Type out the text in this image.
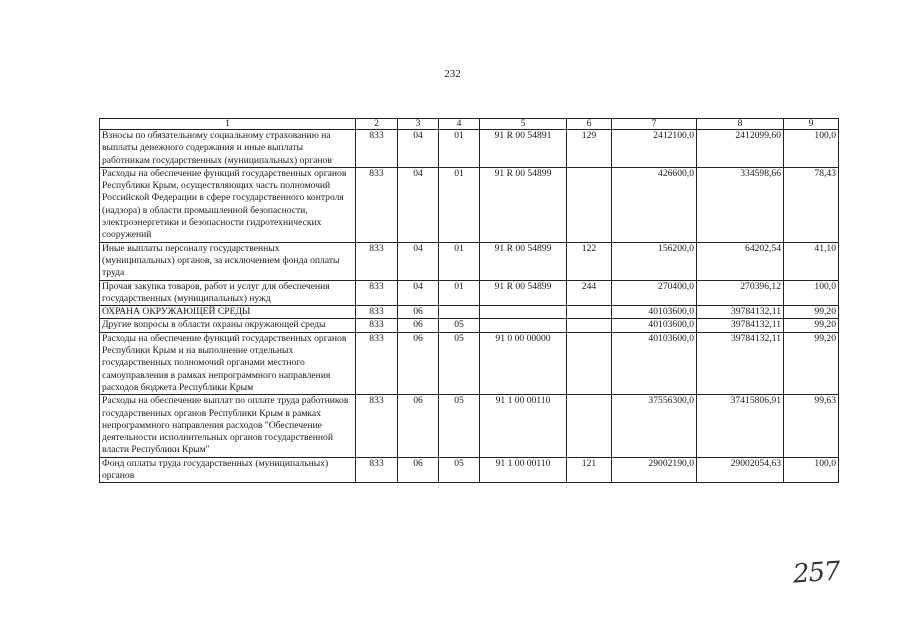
232
1	2	3	4	5	6	7	8	9
Взносы по обязательному социальному страхованию на выплаты денежного содержания и иные выплаты работникам государственных (муниципальных) органов	833	04	01	91 R 00 54891	129	2412100,0	2412099,60	100,0
Расходы на обеспечение функций государственных органов Республики Крым, осуществляющих часть полномочий Российской Федерации в сфере государственного контроля (надзора) в области промышленной безопасности, электроэнергетики и безопасности гидротехнических сооружений	833	04	01	91 R 00 54899		426600,0	334598,66	78,43
Иные выплаты персоналу государственных (муниципальных) органов, за исключением фонда оплаты труда	833	04	01	91 R 00 54899	122	156200,0	64202,54	41,10
Прочая закупка товаров, работ и услуг для обеспечения государственных (муниципальных) нужд	833	04	01	91 R 00 54899	244	270400,0	270396,12	100,0
ОХРАНА ОКРУЖАЮЩЕЙ СРЕДЫ	833	06				40103600,0	39784132,11	99,20
Другие вопросы в области охраны окружающей среды	833	06	05			40103600,0	39784132,11	99,20
Расходы на обеспечение функций государственных органов Республики Крым и на выполнение отдельных государственных полномочий органами местного самоуправления в рамках непрограммного направления расходов бюджета Республики Крым	833	06	05	91 0 00 00000		40103600,0	39784132,11	99,20
Расходы на обеспечение выплат по оплате труда работников государственных органов Республики Крым в рамках непрограммного направления расходов "Обеспечение деятельности исполнительных органов государственной власти Республики Крым"	833	06	05	91 1 00 00110		37556300,0	37415806,91	99,63
Фонд оплаты труда государственных (муниципальных) органов	833	06	05	91 1 00 00110	121	29002190,0	29002054,63	100,0
257
